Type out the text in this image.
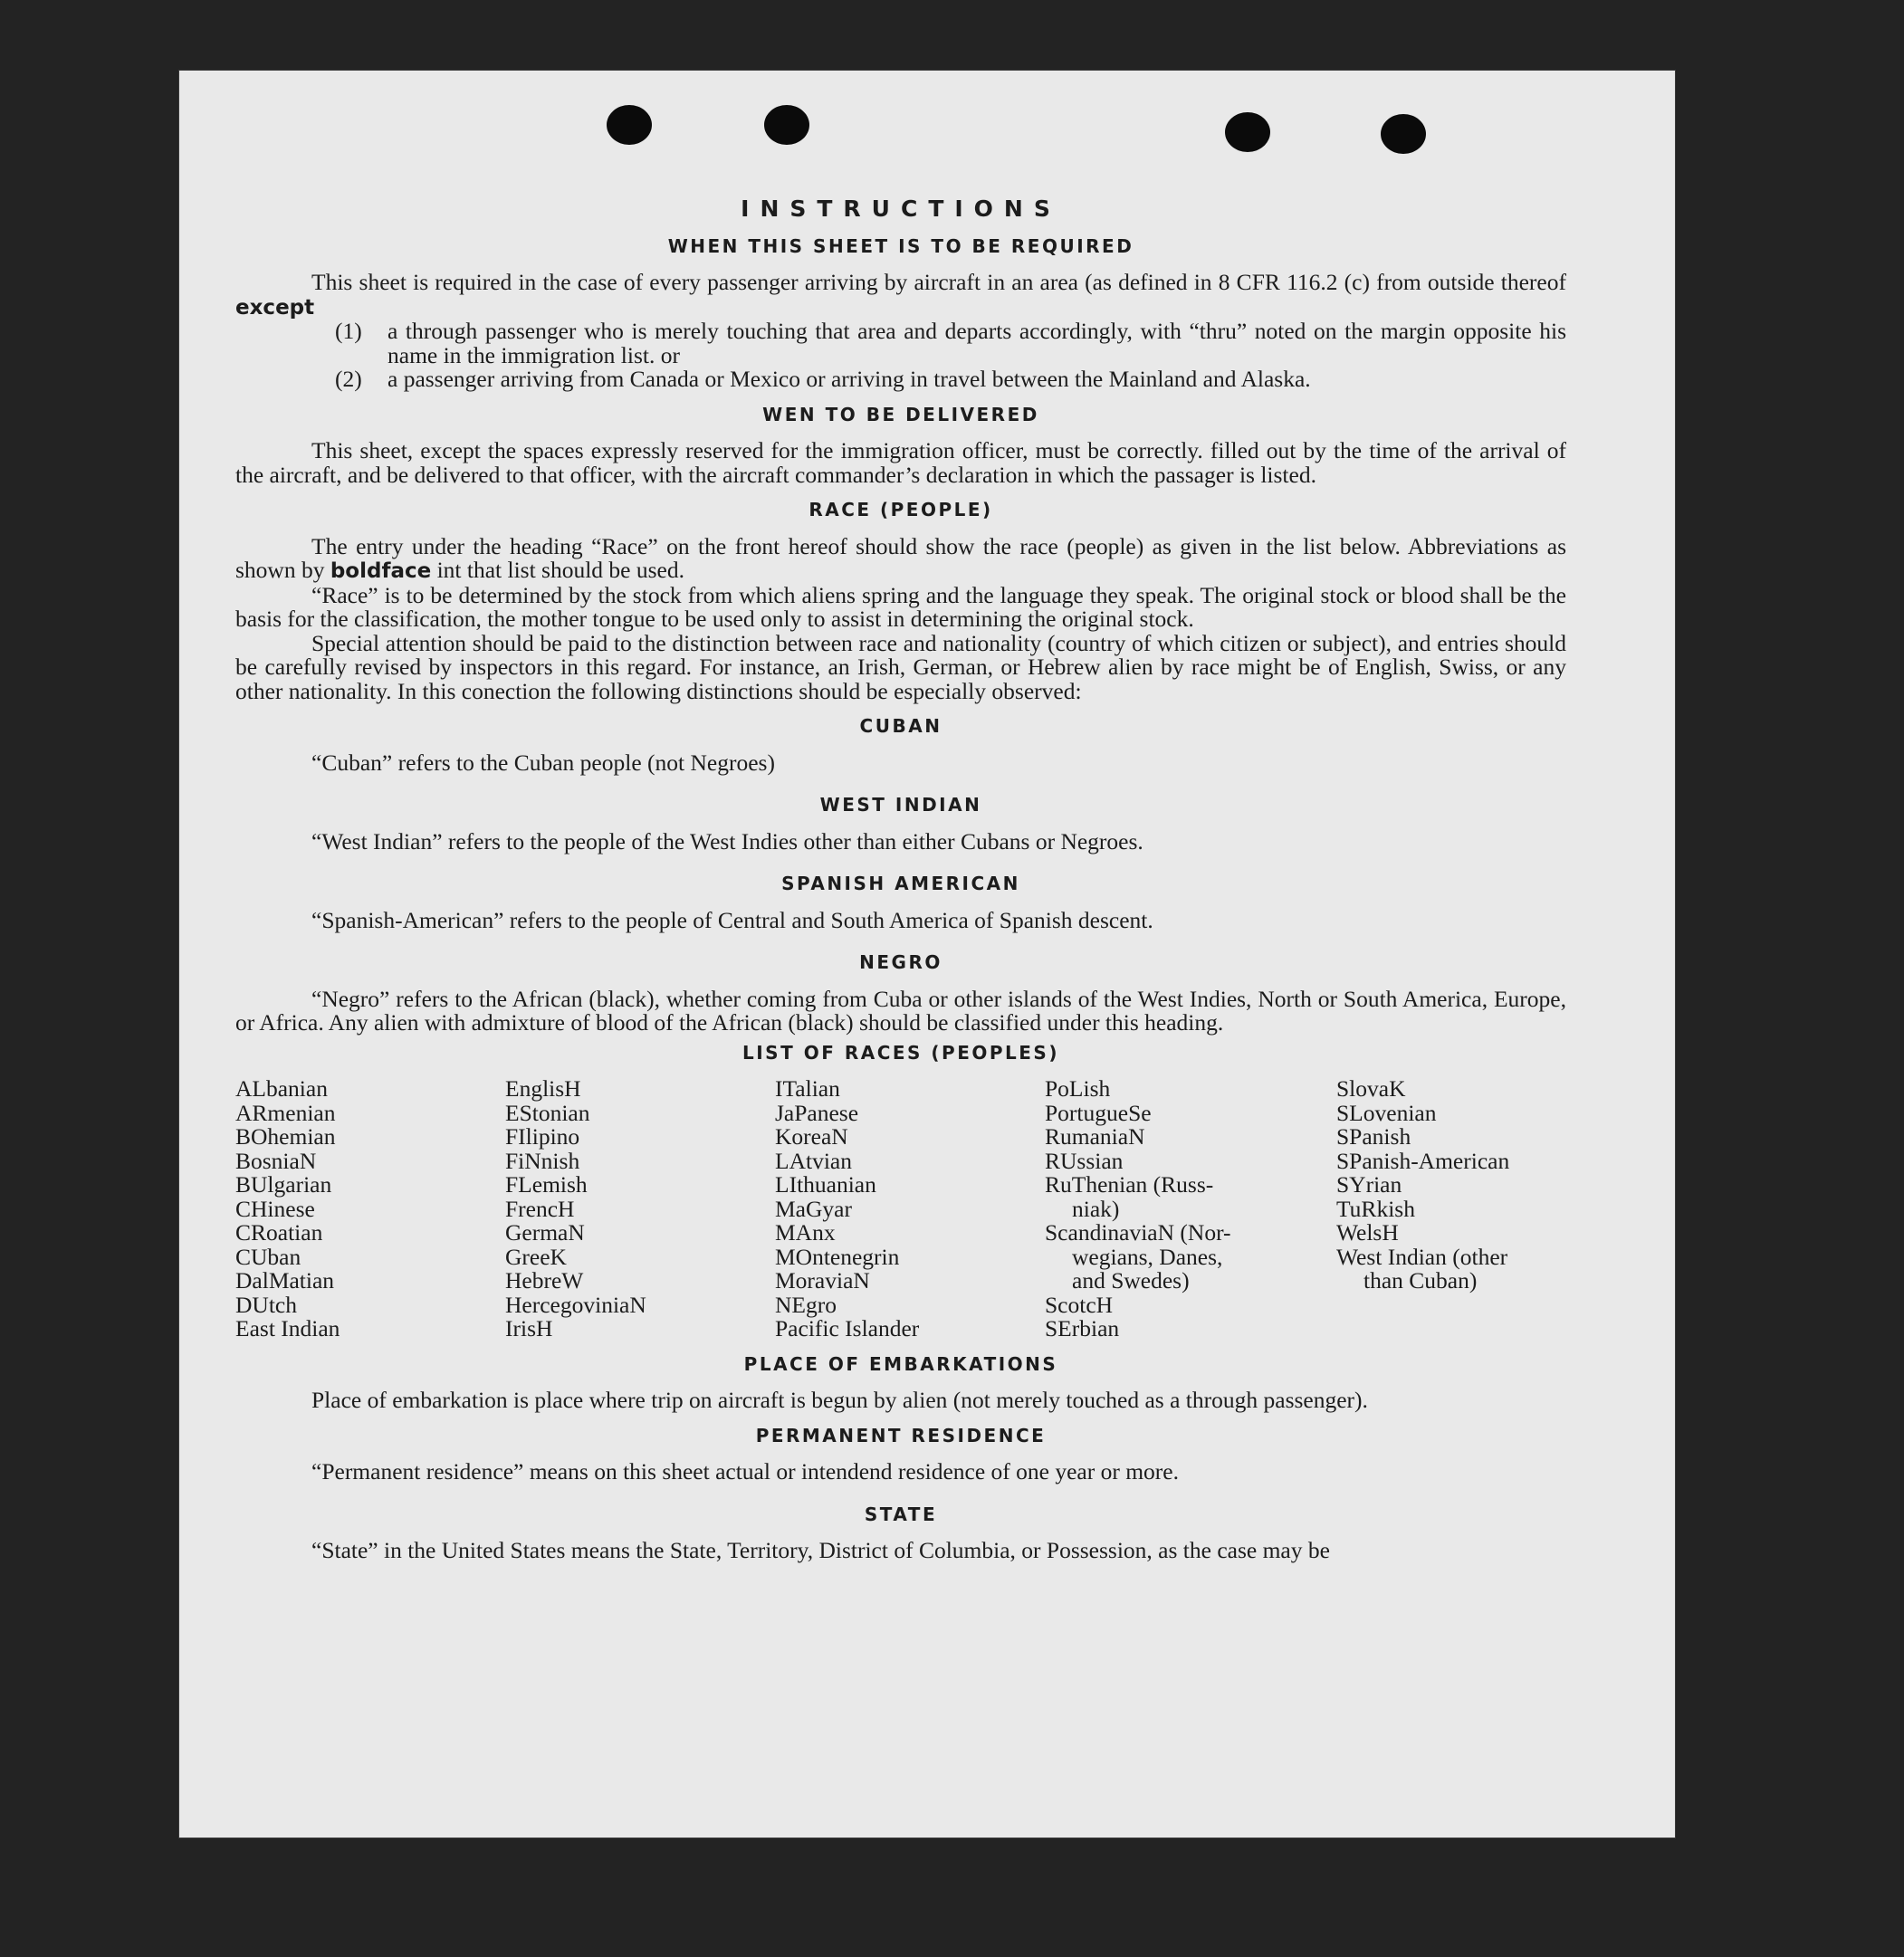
INSTRUCTIONS
WHEN THIS SHEET IS TO BE REQUIRED

This sheet is required in the case of every passenger arriving by aircraft in an area (as defined in 8 CFR 116.2 (c) from outside thereof except

(1)	a through passenger who is merely touching that area and departs accordingly, with “thru” noted on the margin opposite his name in the immigration list. or
(2)	a passenger arriving from Canada or Mexico or arriving in travel between the Mainland and Alaska.
WEN TO BE DELIVERED

This sheet, except the spaces expressly reserved for the immigration officer, must be correctly. filled out by the time of the arrival of the aircraft, and be delivered to that officer, with the aircraft commander’s declaration in which the passager is listed.

RACE (PEOPLE)

The entry under the heading “Race” on the front hereof should show the race (people) as given in the list below. Abbreviations as shown by boldface int that list should be used.

“Race” is to be determined by the stock from which aliens spring and the language they speak. The original stock or blood shall be the basis for the classification, the mother tongue to be used only to assist in determining the original stock.

Special attention should be paid to the distinction between race and nationality (country of which citizen or subject), and entries should be carefully revised by inspectors in this regard. For instance, an Irish, German, or Hebrew alien by race might be of English, Swiss, or any other nationality. In this conection the following distinctions should be especially observed:

CUBAN

“Cuban” refers to the Cuban people (not Negroes)

WEST INDIAN

“West Indian” refers to the people of the West Indies other than either Cubans or Negroes.

SPANISH AMERICAN

“Spanish-American” refers to the people of Central and South America of Spanish descent.

NEGRO

“Negro” refers to the African (black), whether coming from Cuba or other islands of the West Indies, North or South America, Europe, or Africa. Any alien with admixture of blood of the African (black) should be classified under this heading.

LIST OF RACES (PEOPLES)
ALbanian
ARmenian
BOhemian
BosniaN
BUlgarian
CHinese
CRoatian
CUban
DalMatian
DUtch
East Indian
EnglisH
EStonian
FIlipino
FiNnish
FLemish
FrencH
GermaN
GreeK
HebreW
HercegoviniaN
IrisH
ITalian
JaPanese
KoreaN
LAtvian
LIthuanian
MaGyar
MAnx
MOntenegrin
MoraviaN
NEgro
Pacific Islander
PoLish
PortugueSe
RumaniaN
RUssian
RuThenian (Russ-
niak)
ScandinaviaN (Nor-
wegians, Danes,
and Swedes)
ScotcH
SErbian
SlovaK
SLovenian
SPanish
SPanish-American
SYrian
TuRkish
WelsH
West Indian (other
than Cuban)
PLACE OF EMBARKATIONS

Place of embarkation is place where trip on aircraft is begun by alien (not merely touched as a through passenger).

PERMANENT RESIDENCE

“Permanent residence” means on this sheet actual or intendend residence of one year or more.

STATE

“State” in the United States means the State, Territory, District of Columbia, or Possession, as the case may be
